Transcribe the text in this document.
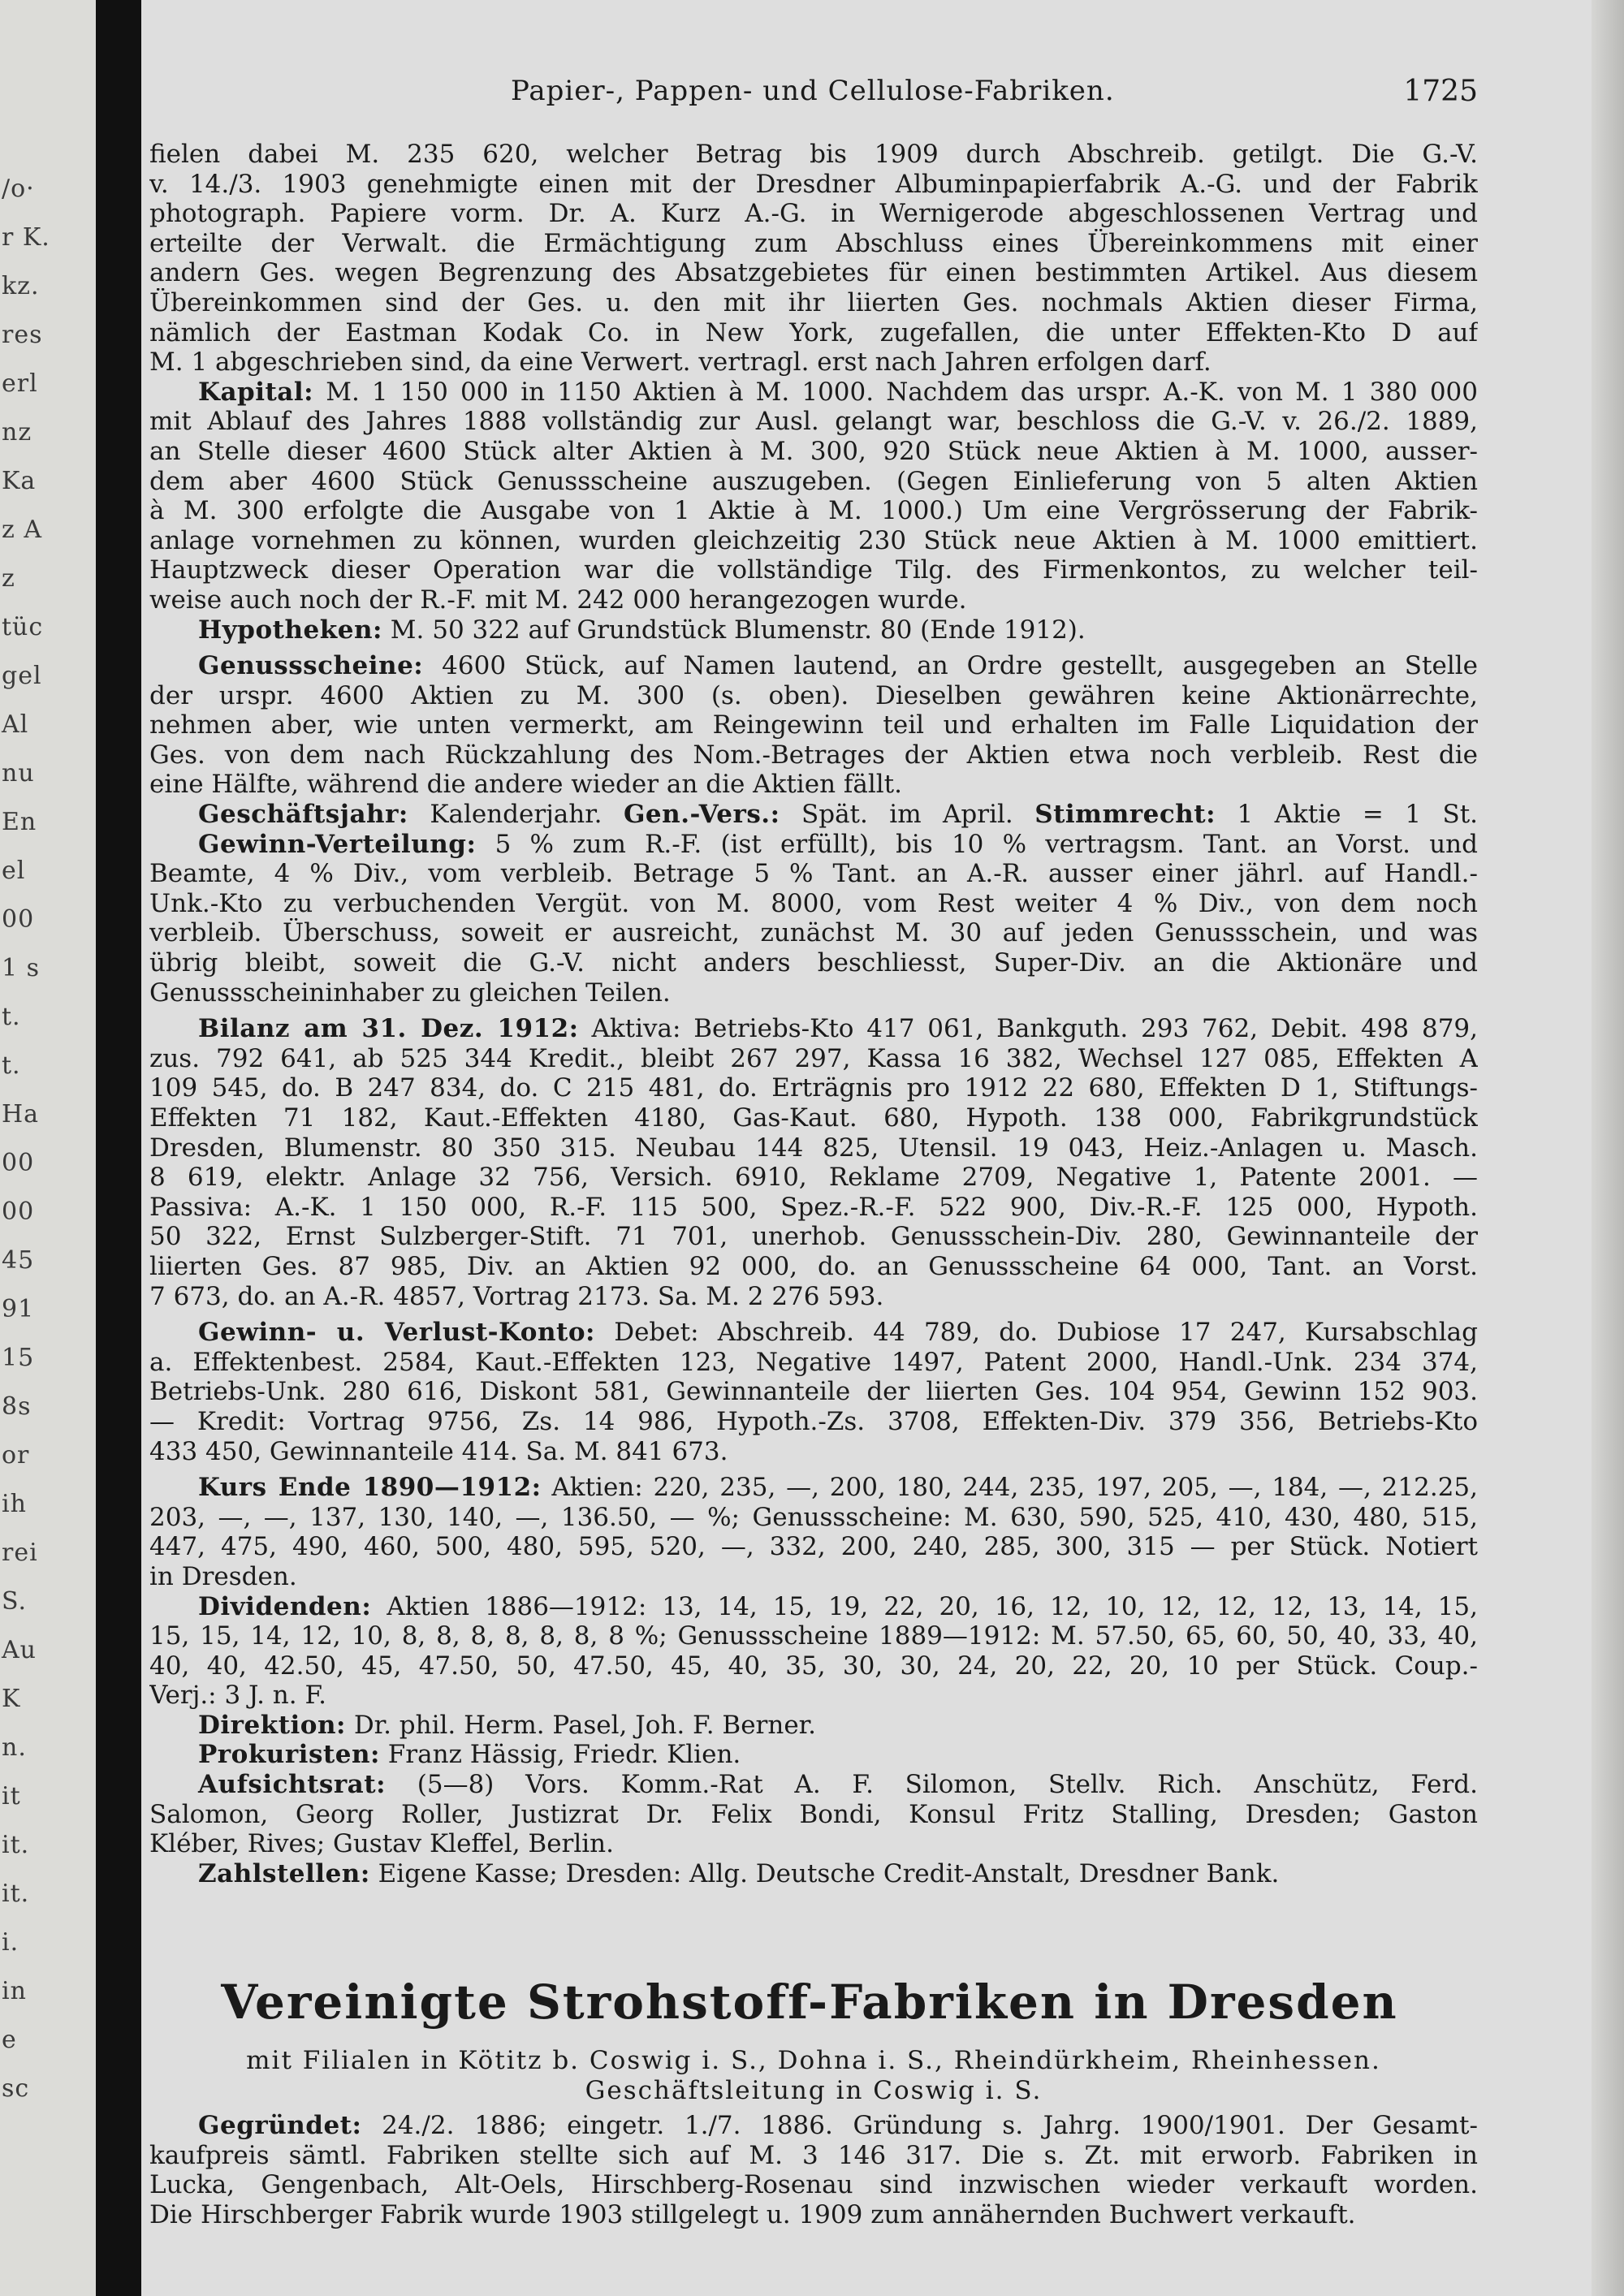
/o·
r K.
kz.
res
erl
nz
Ka
z A
z
tüc
gel
Al
nu
En
el
00
1 s
t.
t.
Ha
00
00
45
91
15
8s
or
ih
rei
S.
Au
K
n.
it
it.
it.
i.
in
e
sc
Papier-, Pappen- und Cellulose-Fabriken.	1725
fielen dabei M. 235 620, welcher Betrag bis 1909 durch Abschreib. getilgt. Die G.-V.
v. 14./3. 1903 genehmigte einen mit der Dresdner Albuminpapierfabrik A.-G. und der Fabrik
photograph. Papiere vorm. Dr. A. Kurz A.-G. in Wernigerode abgeschlossenen Vertrag und
erteilte der Verwalt. die Ermächtigung zum Abschluss eines Übereinkommens mit einer
andern Ges. wegen Begrenzung des Absatzgebietes für einen bestimmten Artikel. Aus diesem
Übereinkommen sind der Ges. u. den mit ihr liierten Ges. nochmals Aktien dieser Firma,
nämlich der Eastman Kodak Co. in New York, zugefallen, die unter Effekten-Kto D auf
M. 1 abgeschrieben sind, da eine Verwert. vertragl. erst nach Jahren erfolgen darf.
Kapital: M. 1 150 000 in 1150 Aktien à M. 1000. Nachdem das urspr. A.-K. von M. 1 380 000
mit Ablauf des Jahres 1888 vollständig zur Ausl. gelangt war, beschloss die G.-V. v. 26./2. 1889,
an Stelle dieser 4600 Stück alter Aktien à M. 300, 920 Stück neue Aktien à M. 1000, ausser-
dem aber 4600 Stück Genussscheine auszugeben. (Gegen Einlieferung von 5 alten Aktien
à M. 300 erfolgte die Ausgabe von 1 Aktie à M. 1000.) Um eine Vergrösserung der Fabrik-
anlage vornehmen zu können, wurden gleichzeitig 230 Stück neue Aktien à M. 1000 emittiert.
Hauptzweck dieser Operation war die vollständige Tilg. des Firmenkontos, zu welcher teil-
weise auch noch der R.-F. mit M. 242 000 herangezogen wurde.
Hypotheken: M. 50 322 auf Grundstück Blumenstr. 80 (Ende 1912).
Genussscheine: 4600 Stück, auf Namen lautend, an Ordre gestellt, ausgegeben an Stelle
der urspr. 4600 Aktien zu M. 300 (s. oben). Dieselben gewähren keine Aktionärrechte,
nehmen aber, wie unten vermerkt, am Reingewinn teil und erhalten im Falle Liquidation der
Ges. von dem nach Rückzahlung des Nom.-Betrages der Aktien etwa noch verbleib. Rest die
eine Hälfte, während die andere wieder an die Aktien fällt.
Geschäftsjahr: Kalenderjahr. Gen.-Vers.: Spät. im April. Stimmrecht: 1 Aktie = 1 St.
Gewinn-Verteilung: 5 % zum R.-F. (ist erfüllt), bis 10 % vertragsm. Tant. an Vorst. und
Beamte, 4 % Div., vom verbleib. Betrage 5 % Tant. an A.-R. ausser einer jährl. auf Handl.-
Unk.-Kto zu verbuchenden Vergüt. von M. 8000, vom Rest weiter 4 % Div., von dem noch
verbleib. Überschuss, soweit er ausreicht, zunächst M. 30 auf jeden Genussschein, und was
übrig bleibt, soweit die G.-V. nicht anders beschliesst, Super-Div. an die Aktionäre und
Genussscheininhaber zu gleichen Teilen.
Bilanz am 31. Dez. 1912: Aktiva: Betriebs-Kto 417 061, Bankguth. 293 762, Debit. 498 879,
zus. 792 641, ab 525 344 Kredit., bleibt 267 297, Kassa 16 382, Wechsel 127 085, Effekten A
109 545, do. B 247 834, do. C 215 481, do. Erträgnis pro 1912 22 680, Effekten D 1, Stiftungs-
Effekten 71 182, Kaut.-Effekten 4180, Gas-Kaut. 680, Hypoth. 138 000, Fabrikgrundstück
Dresden, Blumenstr. 80 350 315. Neubau 144 825, Utensil. 19 043, Heiz.-Anlagen u. Masch.
8 619, elektr. Anlage 32 756, Versich. 6910, Reklame 2709, Negative 1, Patente 2001. —
Passiva: A.-K. 1 150 000, R.-F. 115 500, Spez.-R.-F. 522 900, Div.-R.-F. 125 000, Hypoth.
50 322, Ernst Sulzberger-Stift. 71 701, unerhob. Genussschein-Div. 280, Gewinnanteile der
liierten Ges. 87 985, Div. an Aktien 92 000, do. an Genussscheine 64 000, Tant. an Vorst.
7 673, do. an A.-R. 4857, Vortrag 2173. Sa. M. 2 276 593.
Gewinn- u. Verlust-Konto: Debet: Abschreib. 44 789, do. Dubiose 17 247, Kursabschlag
a. Effektenbest. 2584, Kaut.-Effekten 123, Negative 1497, Patent 2000, Handl.-Unk. 234 374,
Betriebs-Unk. 280 616, Diskont 581, Gewinnanteile der liierten Ges. 104 954, Gewinn 152 903.
— Kredit: Vortrag 9756, Zs. 14 986, Hypoth.-Zs. 3708, Effekten-Div. 379 356, Betriebs-Kto
433 450, Gewinnanteile 414. Sa. M. 841 673.
Kurs Ende 1890—1912: Aktien: 220, 235, —, 200, 180, 244, 235, 197, 205, —, 184, —, 212.25,
203, —, —, 137, 130, 140, —, 136.50, — %; Genussscheine: M. 630, 590, 525, 410, 430, 480, 515,
447, 475, 490, 460, 500, 480, 595, 520, —, 332, 200, 240, 285, 300, 315 — per Stück. Notiert
in Dresden.
Dividenden: Aktien 1886—1912: 13, 14, 15, 19, 22, 20, 16, 12, 10, 12, 12, 12, 13, 14, 15,
15, 15, 14, 12, 10, 8, 8, 8, 8, 8, 8, 8 %; Genussscheine 1889—1912: M. 57.50, 65, 60, 50, 40, 33, 40,
40, 40, 42.50, 45, 47.50, 50, 47.50, 45, 40, 35, 30, 30, 24, 20, 22, 20, 10 per Stück. Coup.-
Verj.: 3 J. n. F.
Direktion: Dr. phil. Herm. Pasel, Joh. F. Berner.
Prokuristen: Franz Hässig, Friedr. Klien.
Aufsichtsrat: (5—8) Vors. Komm.-Rat A. F. Silomon, Stellv. Rich. Anschütz, Ferd.
Salomon, Georg Roller, Justizrat Dr. Felix Bondi, Konsul Fritz Stalling, Dresden; Gaston
Kléber, Rives; Gustav Kleffel, Berlin.
Zahlstellen: Eigene Kasse; Dresden: Allg. Deutsche Credit-Anstalt, Dresdner Bank.
Vereinigte Strohstoff-Fabriken in Dresden
mit Filialen in Kötitz b. Coswig i. S., Dohna i. S., Rheindürkheim, Rheinhessen.
Geschäftsleitung in Coswig i. S.
Gegründet: 24./2. 1886; eingetr. 1./7. 1886. Gründung s. Jahrg. 1900/1901. Der Gesamt-
kaufpreis sämtl. Fabriken stellte sich auf M. 3 146 317. Die s. Zt. mit erworb. Fabriken in
Lucka, Gengenbach, Alt-Oels, Hirschberg-Rosenau sind inzwischen wieder verkauft worden.
Die Hirschberger Fabrik wurde 1903 stillgelegt u. 1909 zum annähernden Buchwert verkauft.
